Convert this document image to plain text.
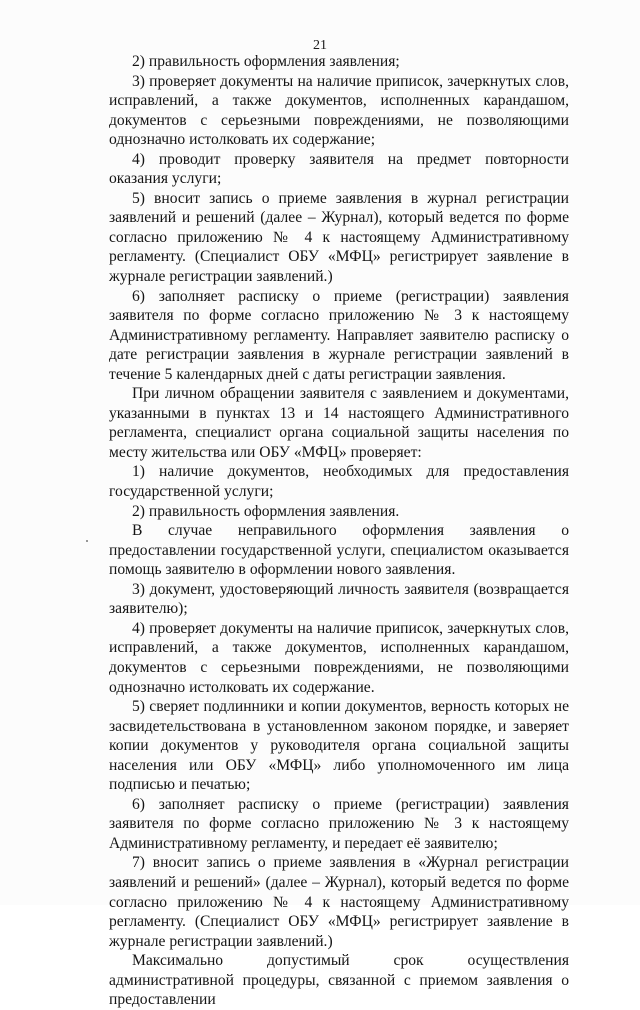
21

2) правильность оформления заявления;

3) проверяет документы на наличие приписок, зачеркнутых слов, исправлений, а также документов, исполненных карандашом, документов с серьезными повреждениями, не позволяющими однозначно истолковать их содержание;

4) проводит проверку заявителя на предмет повторности оказания услуги;

5) вносит запись о приеме заявления в журнал регистрации заявлений и решений (далее – Журнал), который ведется по форме согласно приложению № 4 к настоящему Административному регламенту. (Специалист ОБУ «МФЦ» регистрирует заявление в журнале регистрации заявлений.)

6) заполняет расписку о приеме (регистрации) заявления заявителя по форме согласно приложению № 3 к настоящему Административному регламенту. Направляет заявителю расписку о дате регистрации заявления в журнале регистрации заявлений в течение 5 календарных дней с даты регистрации заявления.

При личном обращении заявителя с заявлением и документами, указанными в пунктах 13 и 14 настоящего Административного регламента, специалист органа социальной защиты населения по месту жительства или ОБУ «МФЦ» проверяет:

1) наличие документов, необходимых для предоставления государственной услуги;

2) правильность оформления заявления.

В случае неправильного оформления заявления о предоставлении государственной услуги, специалистом оказывается помощь заявителю в оформлении нового заявления.

3) документ, удостоверяющий личность заявителя (возвращается заявителю);

4) проверяет документы на наличие приписок, зачеркнутых слов, исправлений, а также документов, исполненных карандашом, документов с серьезными повреждениями, не позволяющими однозначно истолковать их содержание.

5) сверяет подлинники и копии документов, верность которых не засвидетельствована в установленном законом порядке, и заверяет копии документов у руководителя органа социальной защиты населения или ОБУ «МФЦ» либо уполномоченного им лица подписью и печатью;

6) заполняет расписку о приеме (регистрации) заявления заявителя по форме согласно приложению № 3 к настоящему Административному регламенту, и передает её заявителю;

7) вносит запись о приеме заявления в «Журнал регистрации заявлений и решений» (далее – Журнал), который ведется по форме согласно приложению № 4 к настоящему Административному регламенту. (Специалист ОБУ «МФЦ» регистрирует заявление в журнале регистрации заявлений.)

Максимально допустимый срок осуществления административной процедуры, связанной с приемом заявления о предоставлении
